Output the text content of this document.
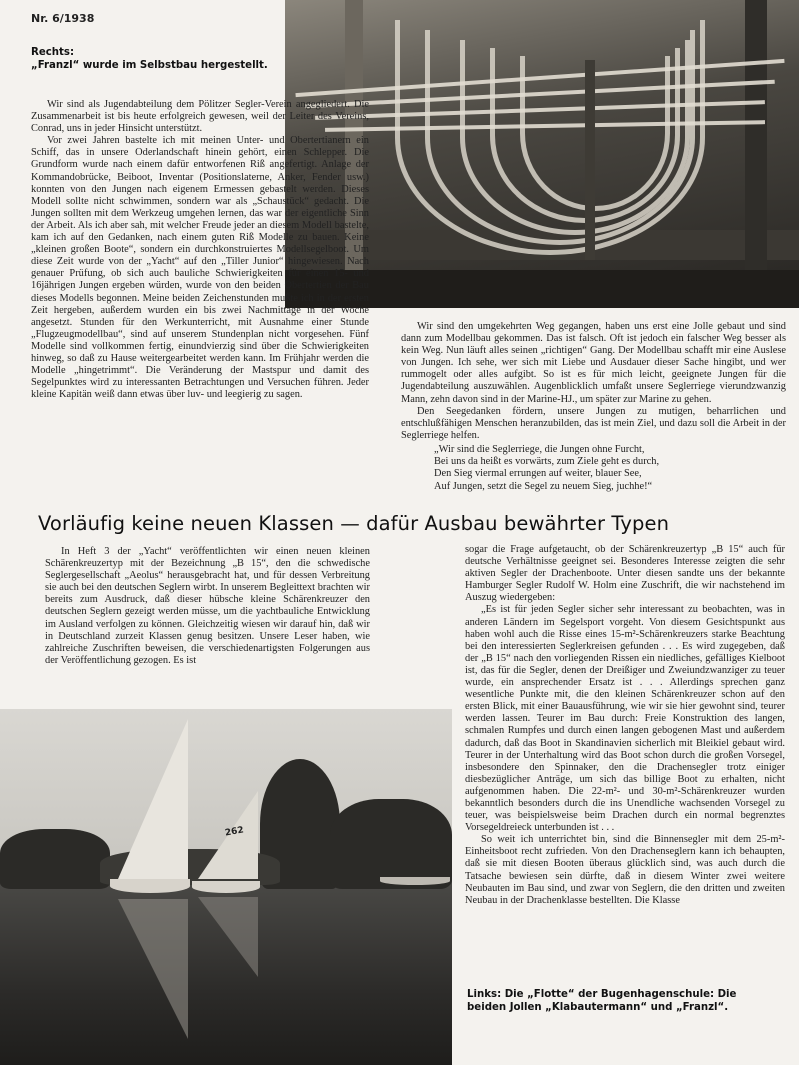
Nr. 6/1938
Rechts:
„Franzl“ wurde im Selbstbau hergestellt.

Wir sind als Jugendabteilung dem Pölitzer Segler-Verein angegliedert. Die Zusammenarbeit ist bis heute erfolgreich gewesen, weil der Leiter des Vereins, Conrad, uns in jeder Hinsicht unterstützt.

Vor zwei Jahren bastelte ich mit meinen Unter- und Obertertianern ein Schiff, das in unsere Oderlandschaft hinein gehört, einen Schlepper. Die Grundform wurde nach einem dafür entworfenen Riß angefertigt. Anlage der Kommandobrücke, Beiboot, Inventar (Positionslaterne, Anker, Fender usw.) konnten von den Jungen nach eigenem Ermessen gebastelt werden. Dieses Modell sollte nicht schwimmen, sondern war als „Schaustück“ gedacht. Die Jungen sollten mit dem Werkzeug umgehen lernen, das war der eigentliche Sinn der Arbeit. Als ich aber sah, mit welcher Freude jeder an diesem Modell bastelte, kam ich auf den Gedanken, nach einem guten Riß Modelle zu bauen. Keine „kleinen großen Boote“, sondern ein durchkonstruiertes Modellsegelboot. Um diese Zeit wurde von der „Yacht“ auf den „Tiller Junior“ hingewiesen. Nach genauer Prüfung, ob sich auch bauliche Schwierigkeiten für einen 15- und 16jährigen Jungen ergeben würden, wurde von den beiden Obertertien der Bau dieses Modells begonnen. Meine beiden Zeichenstunden mußte ich in der ersten Zeit hergeben, außerdem wurden ein bis zwei Nachmittage in der Woche angesetzt. Stunden für den Werkunterricht, mit Ausnahme einer Stunde „Flugzeugmodellbau“, sind auf unserem Stundenplan nicht vorgesehen. Fünf Modelle sind vollkommen fertig, einundvierzig sind über die Schwierigkeiten hinweg, so daß zu Hause weitergearbeitet werden kann. Im Frühjahr werden die Modelle „hingetrimmt“. Die Veränderung der Mastspur und damit des Segelpunktes wird zu interessanten Betrachtungen und Versuchen führen. Jeder kleine Kapitän weiß dann etwas über luv- und leegierig zu sagen.

Wir sind den umgekehrten Weg gegangen, haben uns erst eine Jolle gebaut und sind dann zum Modellbau gekommen. Das ist falsch. Oft ist jedoch ein falscher Weg besser als kein Weg. Nun läuft alles seinen „richtigen“ Gang. Der Modellbau schafft mir eine Auslese von Jungen. Ich sehe, wer sich mit Liebe und Ausdauer dieser Sache hingibt, und wer rummogelt oder alles aufgibt. So ist es für mich leicht, geeignete Jungen für die Jugendabteilung auszuwählen. Augenblicklich umfaßt unsere Seglerriege vierundzwanzig Mann, zehn davon sind in der Marine-HJ., um später zur Marine zu gehen.

Den Seegedanken fördern, unsere Jungen zu mutigen, beharrlichen und entschlußfähigen Menschen heranzubilden, das ist mein Ziel, und dazu soll die Arbeit in der Seglerriege helfen.

„Wir sind die Seglerriege, die Jungen ohne Furcht,
Bei uns da heißt es vorwärts, zum Ziele geht es durch,
Den Sieg viermal errungen auf weiter, blauer See,
Auf Jungen, setzt die Segel zu neuem Sieg, juchhe!“
Vorläufig keine neuen Klassen — dafür Ausbau bewährter Typen

In Heft 3 der „Yacht“ veröffentlichten wir einen neuen kleinen Schärenkreuzertyp mit der Bezeichnung „B 15“, den die schwedische Seglergesellschaft „Aeolus“ herausgebracht hat, und für dessen Verbreitung sie auch bei den deutschen Seglern wirbt. In unserem Begleittext brachten wir bereits zum Ausdruck, daß dieser hübsche kleine Schärenkreuzer den deutschen Seglern gezeigt werden müsse, um die yachtbauliche Entwicklung im Ausland verfolgen zu können. Gleichzeitig wiesen wir darauf hin, daß wir in Deutschland zurzeit Klassen genug besitzen. Unsere Leser haben, wie zahlreiche Zuschriften beweisen, die verschiedenartigsten Folgerungen aus der Veröffentlichung gezogen. Es ist

sogar die Frage aufgetaucht, ob der Schärenkreuzertyp „B 15“ auch für deutsche Verhältnisse geeignet sei. Besonderes Interesse zeigten die sehr aktiven Segler der Drachenboote. Unter diesen sandte uns der bekannte Hamburger Segler Rudolf W. Holm eine Zuschrift, die wir nachstehend im Auszug wiedergeben:

„Es ist für jeden Segler sicher sehr interessant zu beobachten, was in anderen Ländern im Segelsport vorgeht. Von diesem Gesichtspunkt aus haben wohl auch die Risse eines 15-m²-Schärenkreuzers starke Beachtung bei den interessierten Seglerkreisen gefunden . . . Es wird zugegeben, daß der „B 15“ nach den vorliegenden Rissen ein niedliches, gefälliges Kielboot ist, das für die Segler, denen der Dreißiger und Zweiundzwanziger zu teuer wurde, ein ansprechender Ersatz ist . . . Allerdings sprechen ganz wesentliche Punkte mit, die den kleinen Schärenkreuzer schon auf den ersten Blick, mit einer Bauausführung, wie wir sie hier gewohnt sind, teurer werden lassen. Teurer im Bau durch: Freie Konstruktion des langen, schmalen Rumpfes und durch einen langen gebogenen Mast und außerdem dadurch, daß das Boot in Skandinavien sicherlich mit Bleikiel gebaut wird. Teurer in der Unterhaltung wird das Boot schon durch die großen Vorsegel, insbesondere den Spinnaker, den die Drachensegler trotz einiger diesbezüglicher Anträge, um sich das billige Boot zu erhalten, nicht aufgenommen haben. Die 22-m²- und 30-m²-Schärenkreuzer wurden bekanntlich besonders durch die ins Unendliche wachsenden Vorsegel zu teuer, was beispielsweise beim Drachen durch ein normal begrenztes Vorsegeldreieck unterbunden ist . . .

So weit ich unterrichtet bin, sind die Binnensegler mit dem 25-m²-Einheitsboot recht zufrieden. Von den Drachenseglern kann ich behaupten, daß sie mit diesen Booten überaus glücklich sind, was auch durch die Tatsache bewiesen sein dürfte, daß in diesem Winter zwei weitere Neubauten im Bau sind, und zwar von Seglern, die den dritten und zweiten Neubau in der Drachenklasse bestellten. Die Klasse

262
Links: Die „Flotte“ der Bugenhagenschule: Die
beiden Jollen „Klabautermann“ und „Franzl“.
